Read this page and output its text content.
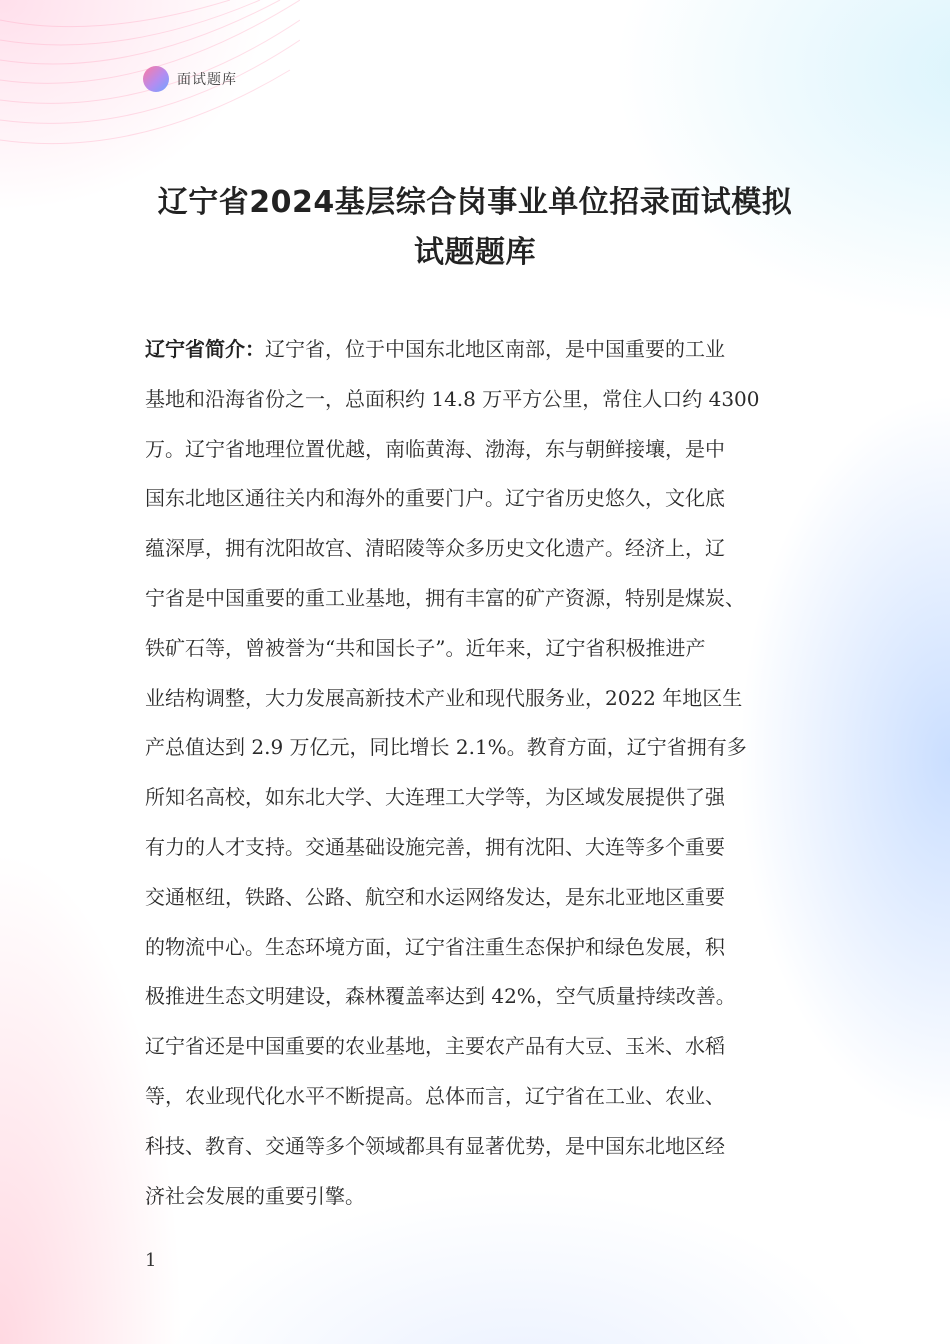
面试题库
辽宁省2024基层综合岗事业单位招录面试模拟
试题题库
辽宁省简介：辽宁省，位于中国东北地区南部，是中国重要的工业
基地和沿海省份之一，总面积约 14.8 万平方公里，常住人口约 4300
万。辽宁省地理位置优越，南临黄海、渤海，东与朝鲜接壤，是中
国东北地区通往关内和海外的重要门户。辽宁省历史悠久，文化底
蕴深厚，拥有沈阳故宫、清昭陵等众多历史文化遗产。经济上，辽
宁省是中国重要的重工业基地，拥有丰富的矿产资源，特别是煤炭、
铁矿石等，曾被誉为“共和国长子”。近年来，辽宁省积极推进产
业结构调整，大力发展高新技术产业和现代服务业，2022 年地区生
产总值达到 2.9 万亿元，同比增长 2.1%。教育方面，辽宁省拥有多
所知名高校，如东北大学、大连理工大学等，为区域发展提供了强
有力的人才支持。交通基础设施完善，拥有沈阳、大连等多个重要
交通枢纽，铁路、公路、航空和水运网络发达，是东北亚地区重要
的物流中心。生态环境方面，辽宁省注重生态保护和绿色发展，积
极推进生态文明建设，森林覆盖率达到 42%，空气质量持续改善。
辽宁省还是中国重要的农业基地，主要农产品有大豆、玉米、水稻
等，农业现代化水平不断提高。总体而言，辽宁省在工业、农业、
科技、教育、交通等多个领域都具有显著优势，是中国东北地区经
济社会发展的重要引擎。
1
